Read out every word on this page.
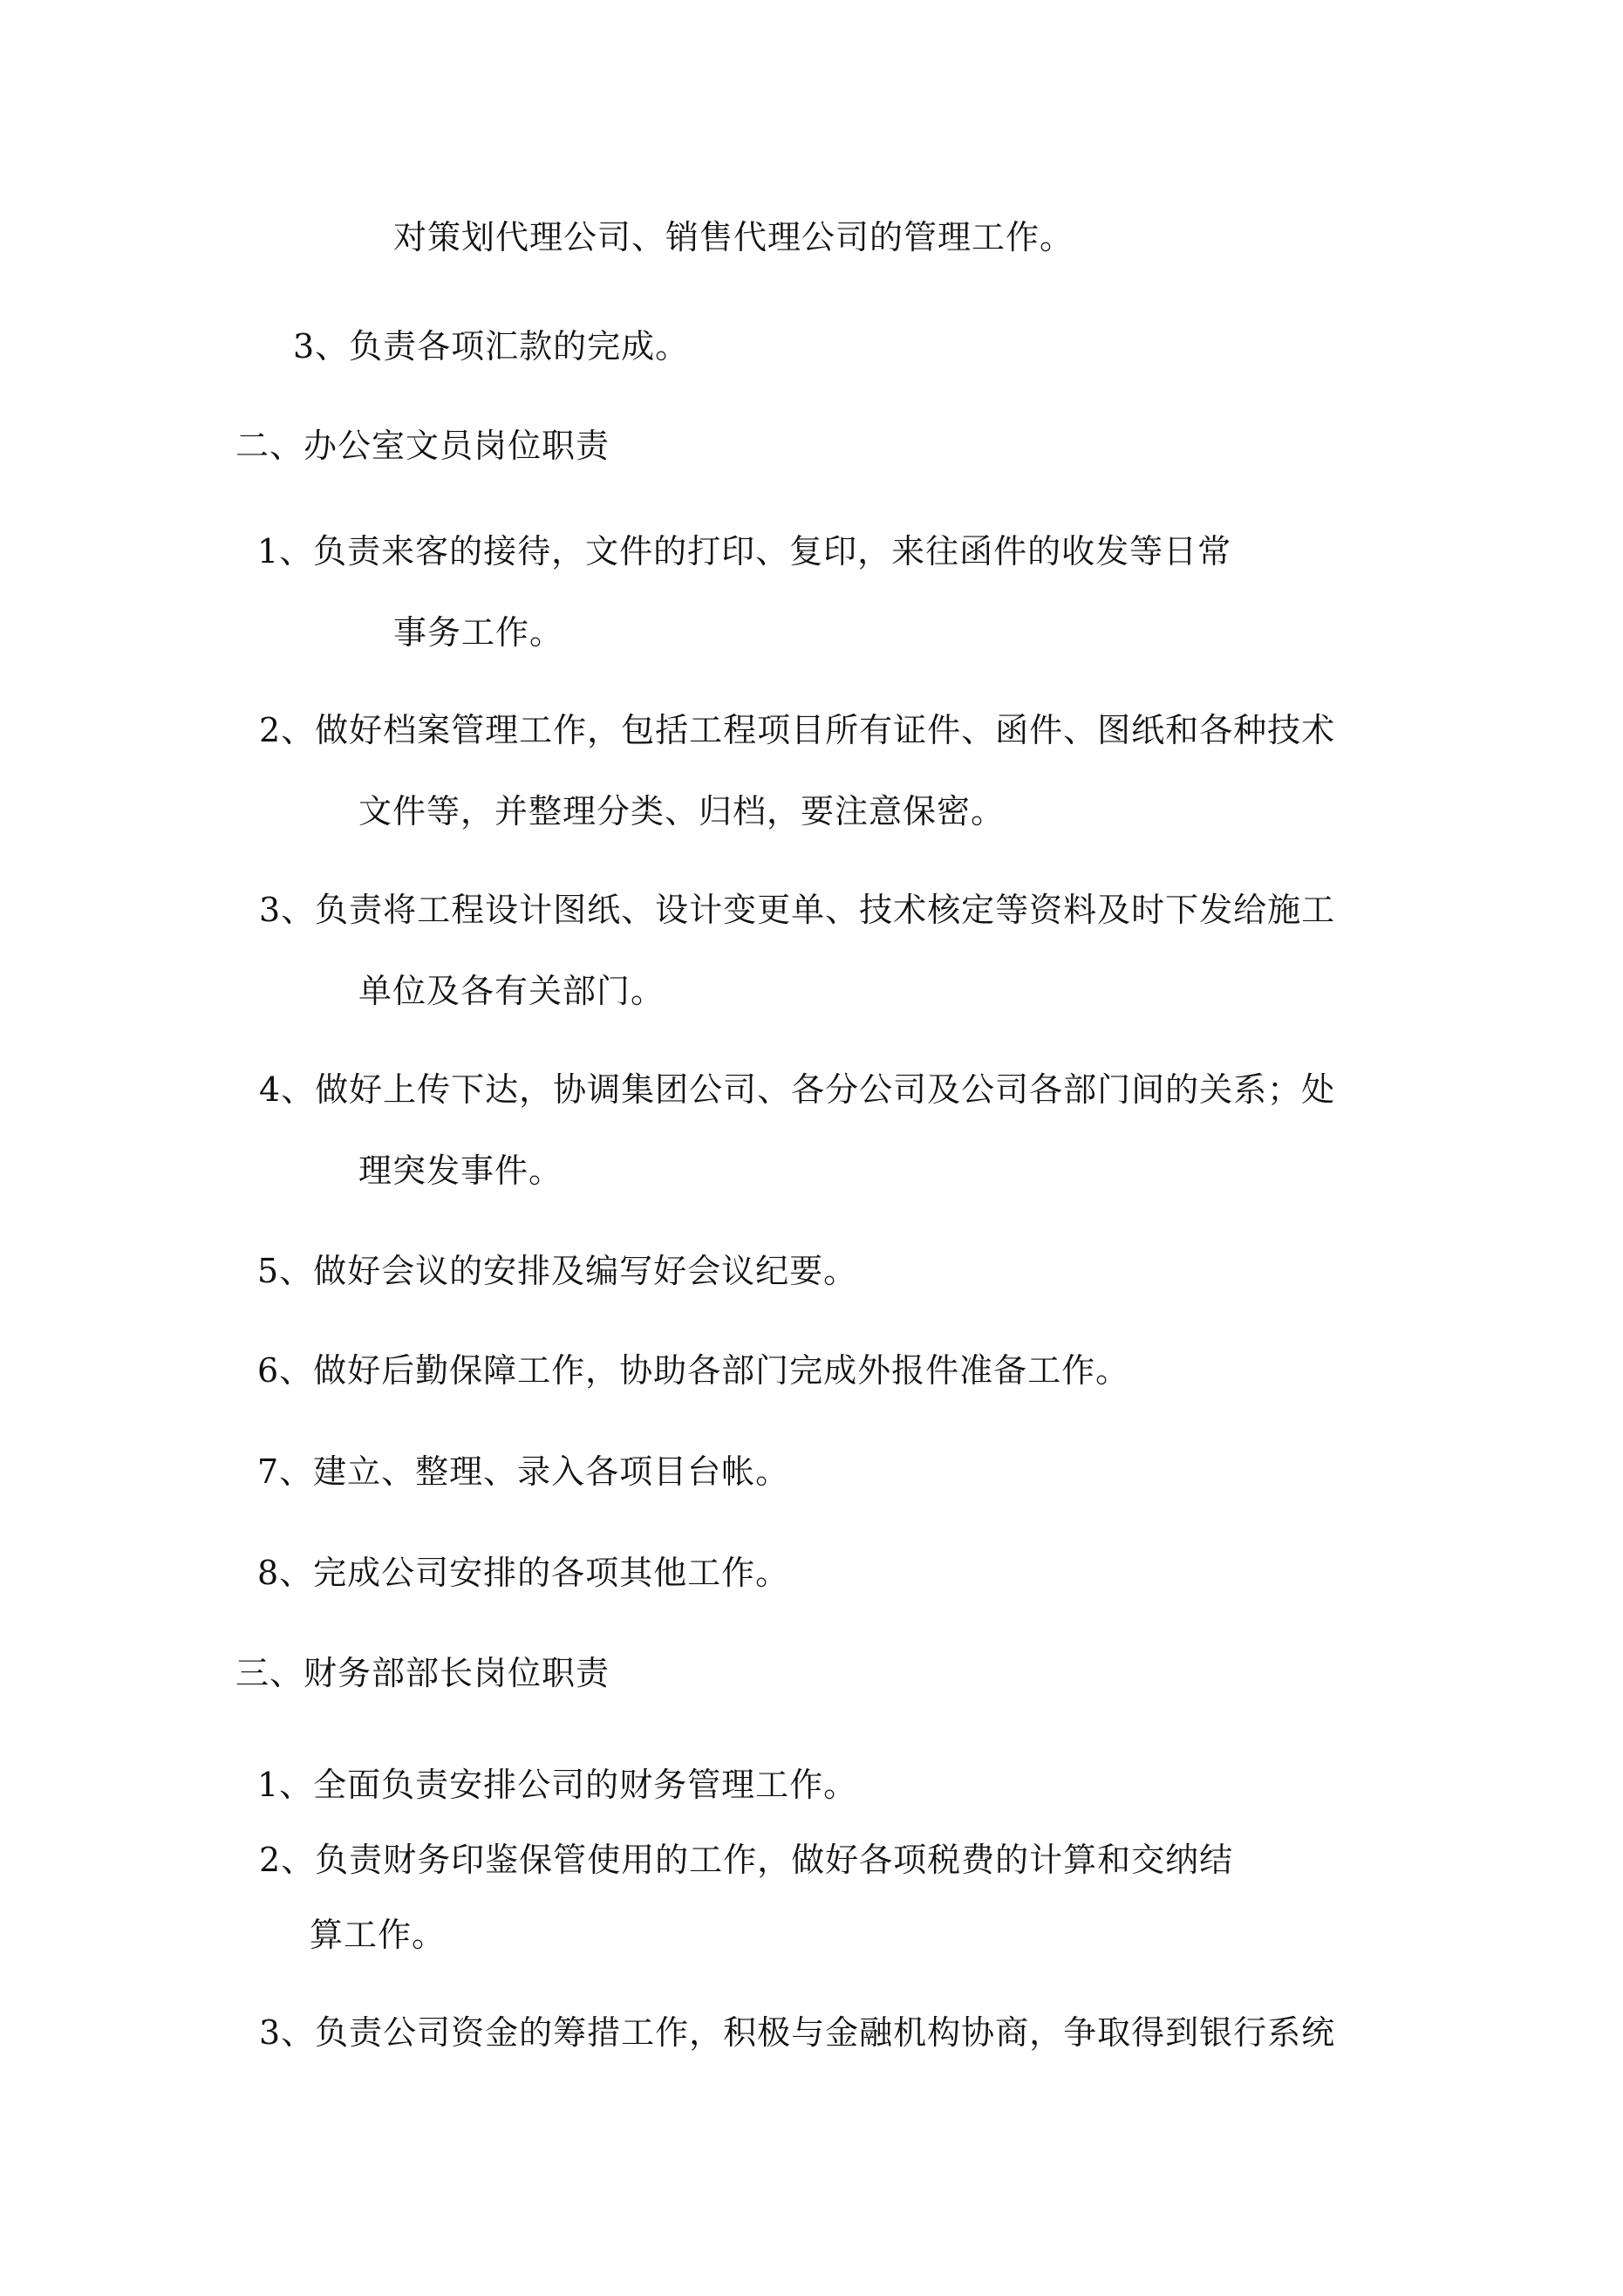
对策划代理公司、销售代理公司的管理工作。
3、负责各项汇款的完成。
二、办公室文员岗位职责
1、负责来客的接待，文件的打印、复印，来往函件的收发等日常
事务工作。
2、做好档案管理工作，包括工程项目所有证件、函件、图纸和各种技术
文件等，并整理分类、归档，要注意保密。
3、负责将工程设计图纸、设计变更单、技术核定等资料及时下发给施工
单位及各有关部门。
4、做好上传下达，协调集团公司、各分公司及公司各部门间的关系；处
理突发事件。
5、做好会议的安排及编写好会议纪要。
6、做好后勤保障工作，协助各部门完成外报件准备工作。
7、建立、整理、录入各项目台帐。
8、完成公司安排的各项其他工作。
三、财务部部长岗位职责
1、全面负责安排公司的财务管理工作。
2、负责财务印鉴保管使用的工作，做好各项税费的计算和交纳结
算工作。
3、负责公司资金的筹措工作，积极与金融机构协商，争取得到银行系统
